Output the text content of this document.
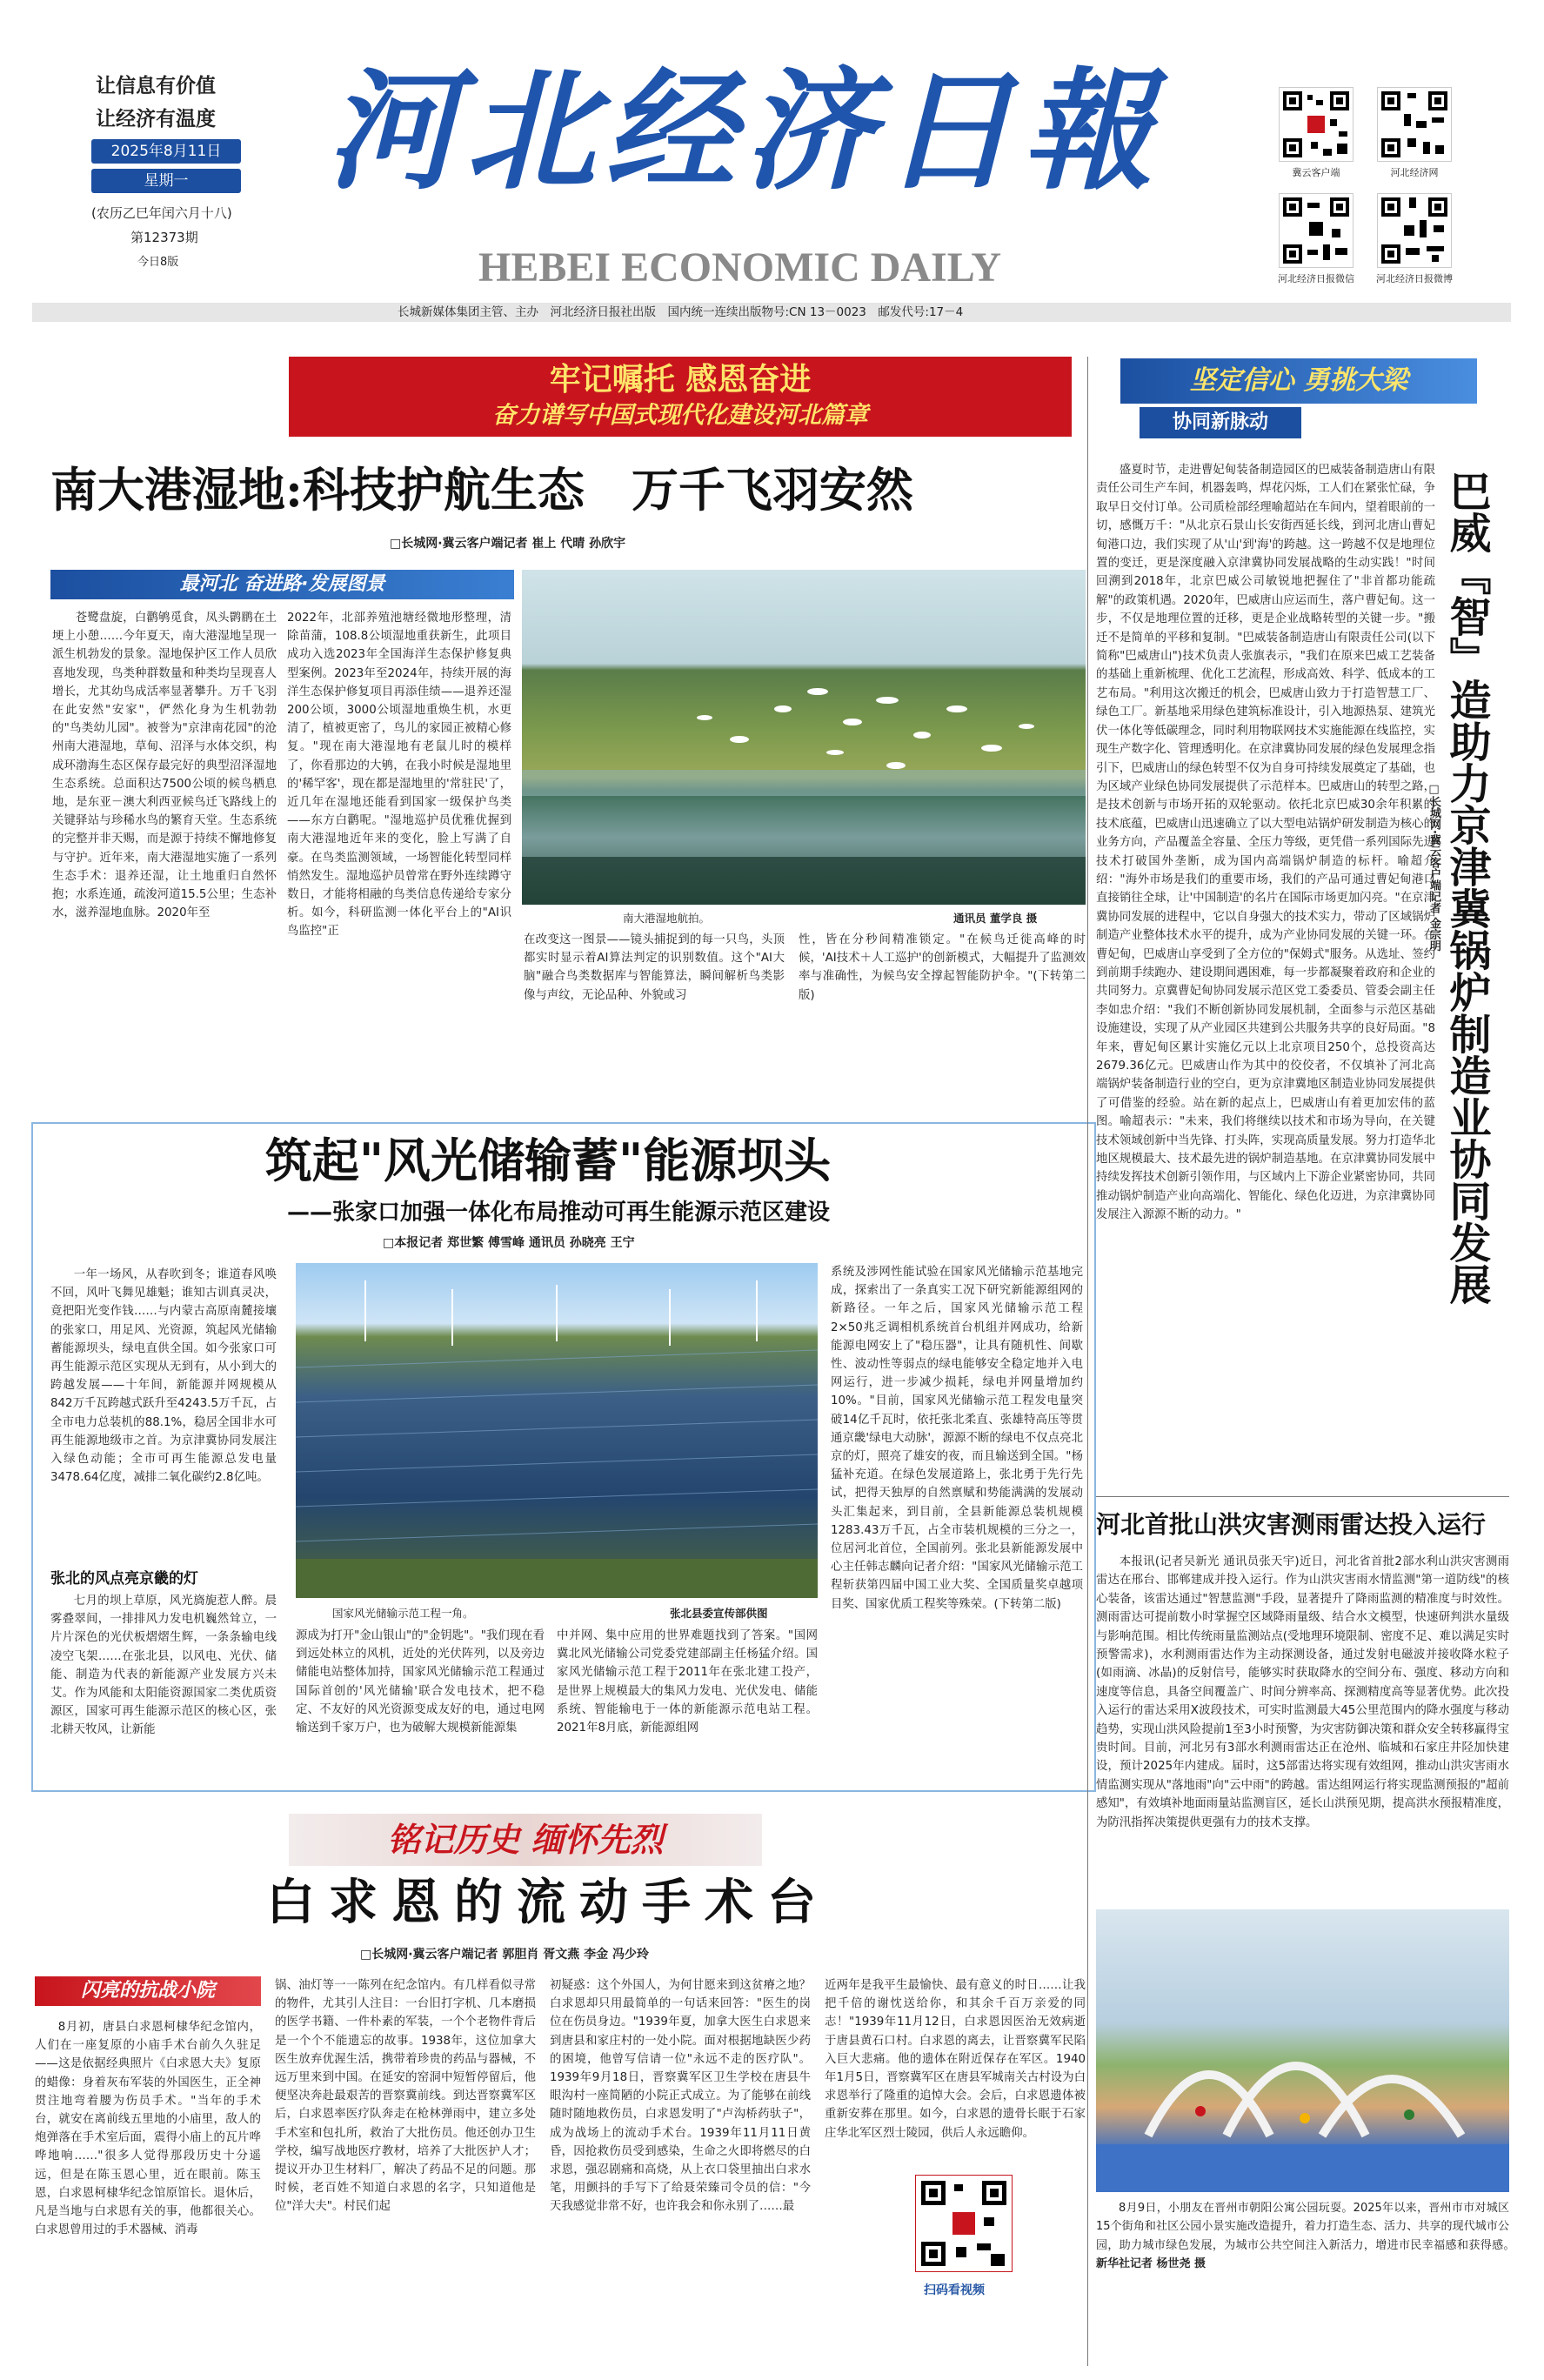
让信息有价值
让经济有温度
2025年8月11日
星期一
(农历乙巳年闰六月十八)
第12373期
今日8版
河北经济日報
HEBEI ECONOMIC DAILY
冀云客户端	河北经济网
河北经济日报微信	河北经济日报微博
长城新媒体集团主管、主办　河北经济日报社出版　国内统一连续出版物号:CN 13－0023　邮发代号:17－4
牢记嘱托 感恩奋进
奋力谱写中国式现代化建设河北篇章
南大港湿地:科技护航生态　万千飞羽安然
□长城网·冀云客户端记者 崔上 代晴 孙欣宇
最河北 奋进路·发展图景

苍鹭盘旋，白鹳鸲觅食，凤头鹮鹛在土埂上小憩……今年夏天，南大港湿地呈现一派生机勃发的景象。湿地保护区工作人员欣喜地发现，鸟类种群数量和种类均呈现喜人增长，尤其幼鸟成活率显著攀升。万千飞羽在此安然"安家"，俨然化身为生机勃勃的"鸟类幼儿园"。被誉为"京津南花园"的沧州南大港湿地，草甸、沼泽与水体交织，构成环渤海生态区保存最完好的典型沼泽湿地生态系统。总面积达7500公顷的候鸟栖息地，是东亚－澳大利西亚候鸟迁飞路线上的关键驿站与珍稀水鸟的繁育天堂。生态系统的完整并非天赐，而是源于持续不懈地修复与守护。近年来，南大港湿地实施了一系列生态手术：退养还湿，让土地重归自然怀抱；水系连通，疏浚河道15.5公里；生态补水，滋养湿地血脉。2020年至

2022年，北部养殖池塘经微地形整理，清除苗蒲，108.8公顷湿地重获新生，此项目成功入选2023年全国海洋生态保护修复典型案例。2023年至2024年，持续开展的海洋生态保护修复项目再添佳绩——退养还湿200公顷，3000公顷湿地重焕生机，水更清了，植被更密了，鸟儿的家园正被精心修复。"现在南大港湿地有老鼠儿时的模样了，你看那边的大鸲，在我小时候是湿地里的'稀罕客'，现在都是湿地里的'常驻民'了，近几年在湿地还能看到国家一级保护鸟类——东方白鹳呢。"湿地巡护员优雅优握到南大港湿地近年来的变化，脸上写满了自豪。在鸟类监测领域，一场智能化转型同样悄然发生。湿地巡护员曾常在野外连续蹲守数日，才能将相融的鸟类信息传递给专家分析。如今，科研监测一体化平台上的"AI识鸟监控"正

南大港湿地航拍。	通讯员 董学良 摄

在改变这一图景——镜头捕捉到的每一只鸟，头顶都实时显示着AI算法判定的识别数值。这个"AI大脑"融合鸟类数据库与智能算法，瞬间解析鸟类影像与声纹，无论品种、外貌或习

性，皆在分秒间精准锁定。"在候鸟迁徙高峰的时候，'AI技术＋人工巡护'的创新模式，大幅提升了监测效率与准确性，为候鸟安全撑起智能防护伞。"(下转第二版)

筑起"风光储输蓄"能源坝头
——张家口加强一体化布局推动可再生能源示范区建设
□本报记者 郑世繁 傅雪峰 通讯员 孙晓亮 王宁

一年一场风，从春吹到冬；谁道春风唤不回，风叶飞舞见雄魁；谁知古训真灵决，竟把阳光变作钱……与内蒙古高原南麓接壤的张家口，用足风、光资源，筑起风光储输蓄能源坝头，绿电直供全国。如今张家口可再生能源示范区实现从无到有，从小到大的跨越发展——十年间，新能源并网规模从842万千瓦跨越式跃升至4243.5万千瓦，占全市电力总装机的88.1%，稳居全国非水可再生能源地级市之首。为京津冀协同发展注入绿色动能；全市可再生能源总发电量3478.64亿度，减排二氧化碳约2.8亿吨。

张北的风点亮京畿的灯

七月的坝上草原，风光旖旎惹人醉。晨雾叠翠间，一排排风力发电机巍然耸立，一片片深色的光伏板熠熠生辉，一条条输电线凌空飞架……在张北县，以风电、光伏、储能、制造为代表的新能源产业发展方兴未艾。作为风能和太阳能资源国家二类优质资源区，国家可再生能源示范区的核心区，张北耕天牧风，让新能

国家风光储输示范工程一角。	张北县委宣传部供图

源成为打开"金山银山"的"金钥匙"。"我们现在看到远处林立的风机，近处的光伏阵列，以及旁边储能电站整体加持，国家风光储输示范工程通过国际首创的'风光储输'联合发电技术，把不稳定、不友好的风光资源变成友好的电，通过电网输送到千家万户，也为破解大规模新能源集

中并网、集中应用的世界难题找到了答案。"国网冀北风光储输公司党委党建部副主任杨猛介绍。国家风光储输示范工程于2011年在张北建工投产，是世界上规模最大的集风力发电、光伏发电、储能系统、智能输电于一体的新能源示范电站工程。2021年8月底，新能源组网

系统及涉网性能试验在国家风光储输示范基地完成，探索出了一条真实工况下研究新能源组网的新路径。一年之后，国家风光储输示范工程2×50兆乏调相机系统首台机组并网成功，给新能源电网安上了"稳压器"，让具有随机性、间歇性、波动性等弱点的绿电能够安全稳定地并入电网运行，进一步减少损耗，绿电并网量增加约10%。"目前，国家风光储输示范工程发电量突破14亿千瓦时，依托张北柔直、张雄特高压等贯通京畿'绿电大动脉'，源源不断的绿电不仅点亮北京的灯，照亮了雄安的夜，而且输送到全国。"杨猛补充道。在绿色发展道路上，张北勇于先行先试，把得天独厚的自然禀赋和势能满满的发展动头汇集起来，到目前，全县新能源总装机规模1283.43万千瓦，占全市装机规模的三分之一，位居河北首位，全国前列。张北县新能源发展中心主任韩志麟向记者介绍："国家风光储输示范工程斩获第四届中国工业大奖、全国质量奖卓越项目奖、国家优质工程奖等殊荣。(下转第二版)

铭记历史 缅怀先烈
白求恩的流动手术台
□长城网·冀云客户端记者 郭胆肖 胥文燕 李金 冯少玲
闪亮的抗战小院

8月初，唐县白求恩柯棣华纪念馆内，人们在一座复原的小庙手术台前久久驻足——这是依据经典照片《白求恩大夫》复原的蜡像：身着灰布军装的外国医生，正全神贯注地弯着腰为伤员手术。"当年的手术台，就安在离前线五里地的小庙里，敌人的炮弹落在手术室后面，震得小庙上的瓦片哗哗地响……"很多人觉得那段历史十分遥远，但是在陈玉恩心里，近在眼前。陈玉恩，白求恩柯棣华纪念馆原馆长。退休后，凡是当地与白求恩有关的事，他都很关心。白求恩曾用过的手术器械、消毒

锅、油灯等一一陈列在纪念馆内。有几样看似寻常的物件，尤其引人注目：一台旧打字机、几本磨损的医学书籍、一件朴素的军装，一个个老物件背后是一个个不能遗忘的故事。1938年，这位加拿大医生放弃优渥生活，携带着珍贵的药品与器械，不远万里来到中国。在延安的窑洞中短暂停留后，他便坚决奔赴最艰苦的晋察冀前线。到达晋察冀军区后，白求恩率医疗队奔走在枪林弹雨中，建立多处手术室和包扎所，救治了大批伤员。他还创办卫生学校，编写战地医疗教材，培养了大批医护人才；提议开办卫生材料厂，解决了药品不足的问题。那时候，老百姓不知道白求恩的名字，只知道他是位"洋大夫"。村民们起

初疑惑：这个外国人，为何甘愿来到这贫瘠之地？白求恩却只用最简单的一句话来回答："医生的岗位在伤员身边。"1939年夏，加拿大医生白求恩来到唐县和家庄村的一处小院。面对根据地缺医少药的困境，他曾写信请一位"永远不走的医疗队"。1939年9月18日，晋察冀军区卫生学校在唐县牛眼沟村一座简陋的小院正式成立。为了能够在前线随时随地救伤员，白求恩发明了"卢沟桥药驮子"，成为战场上的流动手术台。1939年11月11日黄昏，因抢救伤员受到感染，生命之火即将燃尽的白求恩，强忍剧痛和高烧，从上衣口袋里抽出白求水笔，用颤抖的手写下了给聂荣臻司令员的信："今天我感觉非常不好，也许我会和你永别了……最

近两年是我平生最愉快、最有意义的时日……让我把千倍的谢忱送给你，和其余千百万亲爱的同志！"1939年11月12日，白求恩因医治无效病逝于唐县黄石口村。白求恩的离去，让晋察冀军民陷入巨大悲痛。他的遗体在附近保存在军区。1940年1月5日，晋察冀军区在唐县军城南关古村设为白求恩举行了隆重的追悼大会。会后，白求恩遗体被重新安葬在那里。如今，白求恩的遗骨长眠于石家庄华北军区烈士陵园，供后人永远瞻仰。

扫码看视频
坚定信心 勇挑大梁
协同新脉动

盛夏时节，走进曹妃甸装备制造园区的巴威装备制造唐山有限责任公司生产车间，机器轰鸣，焊花闪烁，工人们在紧张忙碌，争取早日交付订单。公司质检部经理喻超站在车间内，望着眼前的一切，感慨万千："从北京石景山长安街西延长线，到河北唐山曹妃甸港口边，我们实现了从'山'到'海'的跨越。这一跨越不仅是地理位置的变迁，更是深度融入京津冀协同发展战略的生动实践！"时间回溯到2018年，北京巴威公司敏锐地把握住了"非首都功能疏解"的政策机遇。2020年，巴威唐山应运而生，落户曹妃甸。这一步，不仅是地理位置的迁移，更是企业战略转型的关键一步。"搬迁不是简单的平移和复制。"巴威装备制造唐山有限责任公司(以下简称"巴威唐山")技术负责人张旗表示，"我们在原来巴威工艺装备的基础上重新梳理、优化工艺流程，形成高效、科学、低成本的工艺布局。"利用这次搬迁的机会，巴威唐山致力于打造智慧工厂、绿色工厂。新基地采用绿色建筑标准设计，引入地源热泵、建筑光伏一体化等低碳理念，同时利用物联网技术实施能源在线监控，实现生产数字化、管理透明化。在京津冀协同发展的绿色发展理念指引下，巴威唐山的绿色转型不仅为自身可持续发展奠定了基础，也为区域产业绿色协同发展提供了示范样本。巴威唐山的转型之路，是技术创新与市场开拓的双轮驱动。依托北京巴威30余年积累的技术底蕴，巴威唐山迅速确立了以大型电站锅炉研发制造为核心的业务方向，产品覆盖全容量、全压力等级，更凭借一系列国际先进技术打破国外垄断，成为国内高端锅炉制造的标杆。喻超介绍："海外市场是我们的重要市场，我们的产品可通过曹妃甸港口直接销往全球，让'中国制造'的名片在国际市场更加闪亮。"在京津冀协同发展的进程中，它以自身强大的技术实力，带动了区域锅炉制造产业整体技术水平的提升，成为产业协同发展的关键一环。在曹妃甸，巴威唐山享受到了全方位的"保姆式"服务。从选址、签约到前期手续跑办、建设期间遇困难，每一步都凝聚着政府和企业的共同努力。京冀曹妃甸协同发展示范区党工委委员、管委会副主任李如忠介绍："我们不断创新协同发展机制，全面参与示范区基础设施建设，实现了从产业园区共建到公共服务共享的良好局面。"8年来，曹妃甸区累计实施亿元以上北京项目250个，总投资高达2679.36亿元。巴威唐山作为其中的佼佼者，不仅填补了河北高端锅炉装备制造行业的空白，更为京津冀地区制造业协同发展提供了可借鉴的经验。站在新的起点上，巴威唐山有着更加宏伟的蓝图。喻超表示："未来，我们将继续以技术和市场为导向，在关键技术领域创新中当先锋、打头阵，实现高质量发展。努力打造华北地区规模最大、技术最先进的锅炉制造基地。在京津冀协同发展中持续发挥技术创新引领作用，与区域内上下游企业紧密协同，共同推动锅炉制造产业向高端化、智能化、绿色化迈进，为京津冀协同发展注入源源不断的动力。"	巴威『智』造助力京津冀锅炉制造业协同发展
□长城网·冀云客户端记者 金宗明
河北首批山洪灾害测雨雷达投入运行

本报讯(记者吴新光 通讯员张天宇)近日，河北省首批2部水利山洪灾害测雨雷达在邢台、邯郸建成并投入运行。作为山洪灾害雨水情监测"第一道防线"的核心装备，该雷达通过"智慧监测"手段，显著提升了降雨监测的精准度与时效性。测雨雷达可提前数小时掌握空区域降雨量级、结合水文模型，快速研判洪水量级与影响范围。相比传统雨量监测站点(受地理环境限制、密度不足、难以满足实时预警需求)，水利测雨雷达作为主动探测设备，通过发射电磁波并接收降水粒子(如雨滴、冰晶)的反射信号，能够实时获取降水的空间分布、强度、移动方向和速度等信息，具备空间覆盖广、时间分辨率高、探测精度高等显著优势。此次投入运行的雷达采用X波段技术，可实时监测最大45公里范围内的降水强度与移动趋势，实现山洪风险提前1至3小时预警，为灾害防御决策和群众安全转移赢得宝贵时间。目前，河北另有3部水利测雨雷达正在沧州、临城和石家庄井陉加快建设，预计2025年内建成。届时，这5部雷达将实现有效组网，推动山洪灾害雨水情监测实现从"落地雨"向"云中雨"的跨越。雷达组网运行将实现监测预报的"超前感知"，有效填补地面雨量站监测盲区，延长山洪预见期，提高洪水预报精准度，为防汛指挥决策提供更强有力的技术支撑。

8月9日，小朋友在晋州市朝阳公寓公园玩耍。2025年以来，晋州市市对城区15个街角和社区公园小景实施改造提升，着力打造生态、活力、共享的现代城市公园，助力城市绿色发展，为城市公共空间注入新活力，增进市民幸福感和获得感。　新华社记者 杨世尧 摄
